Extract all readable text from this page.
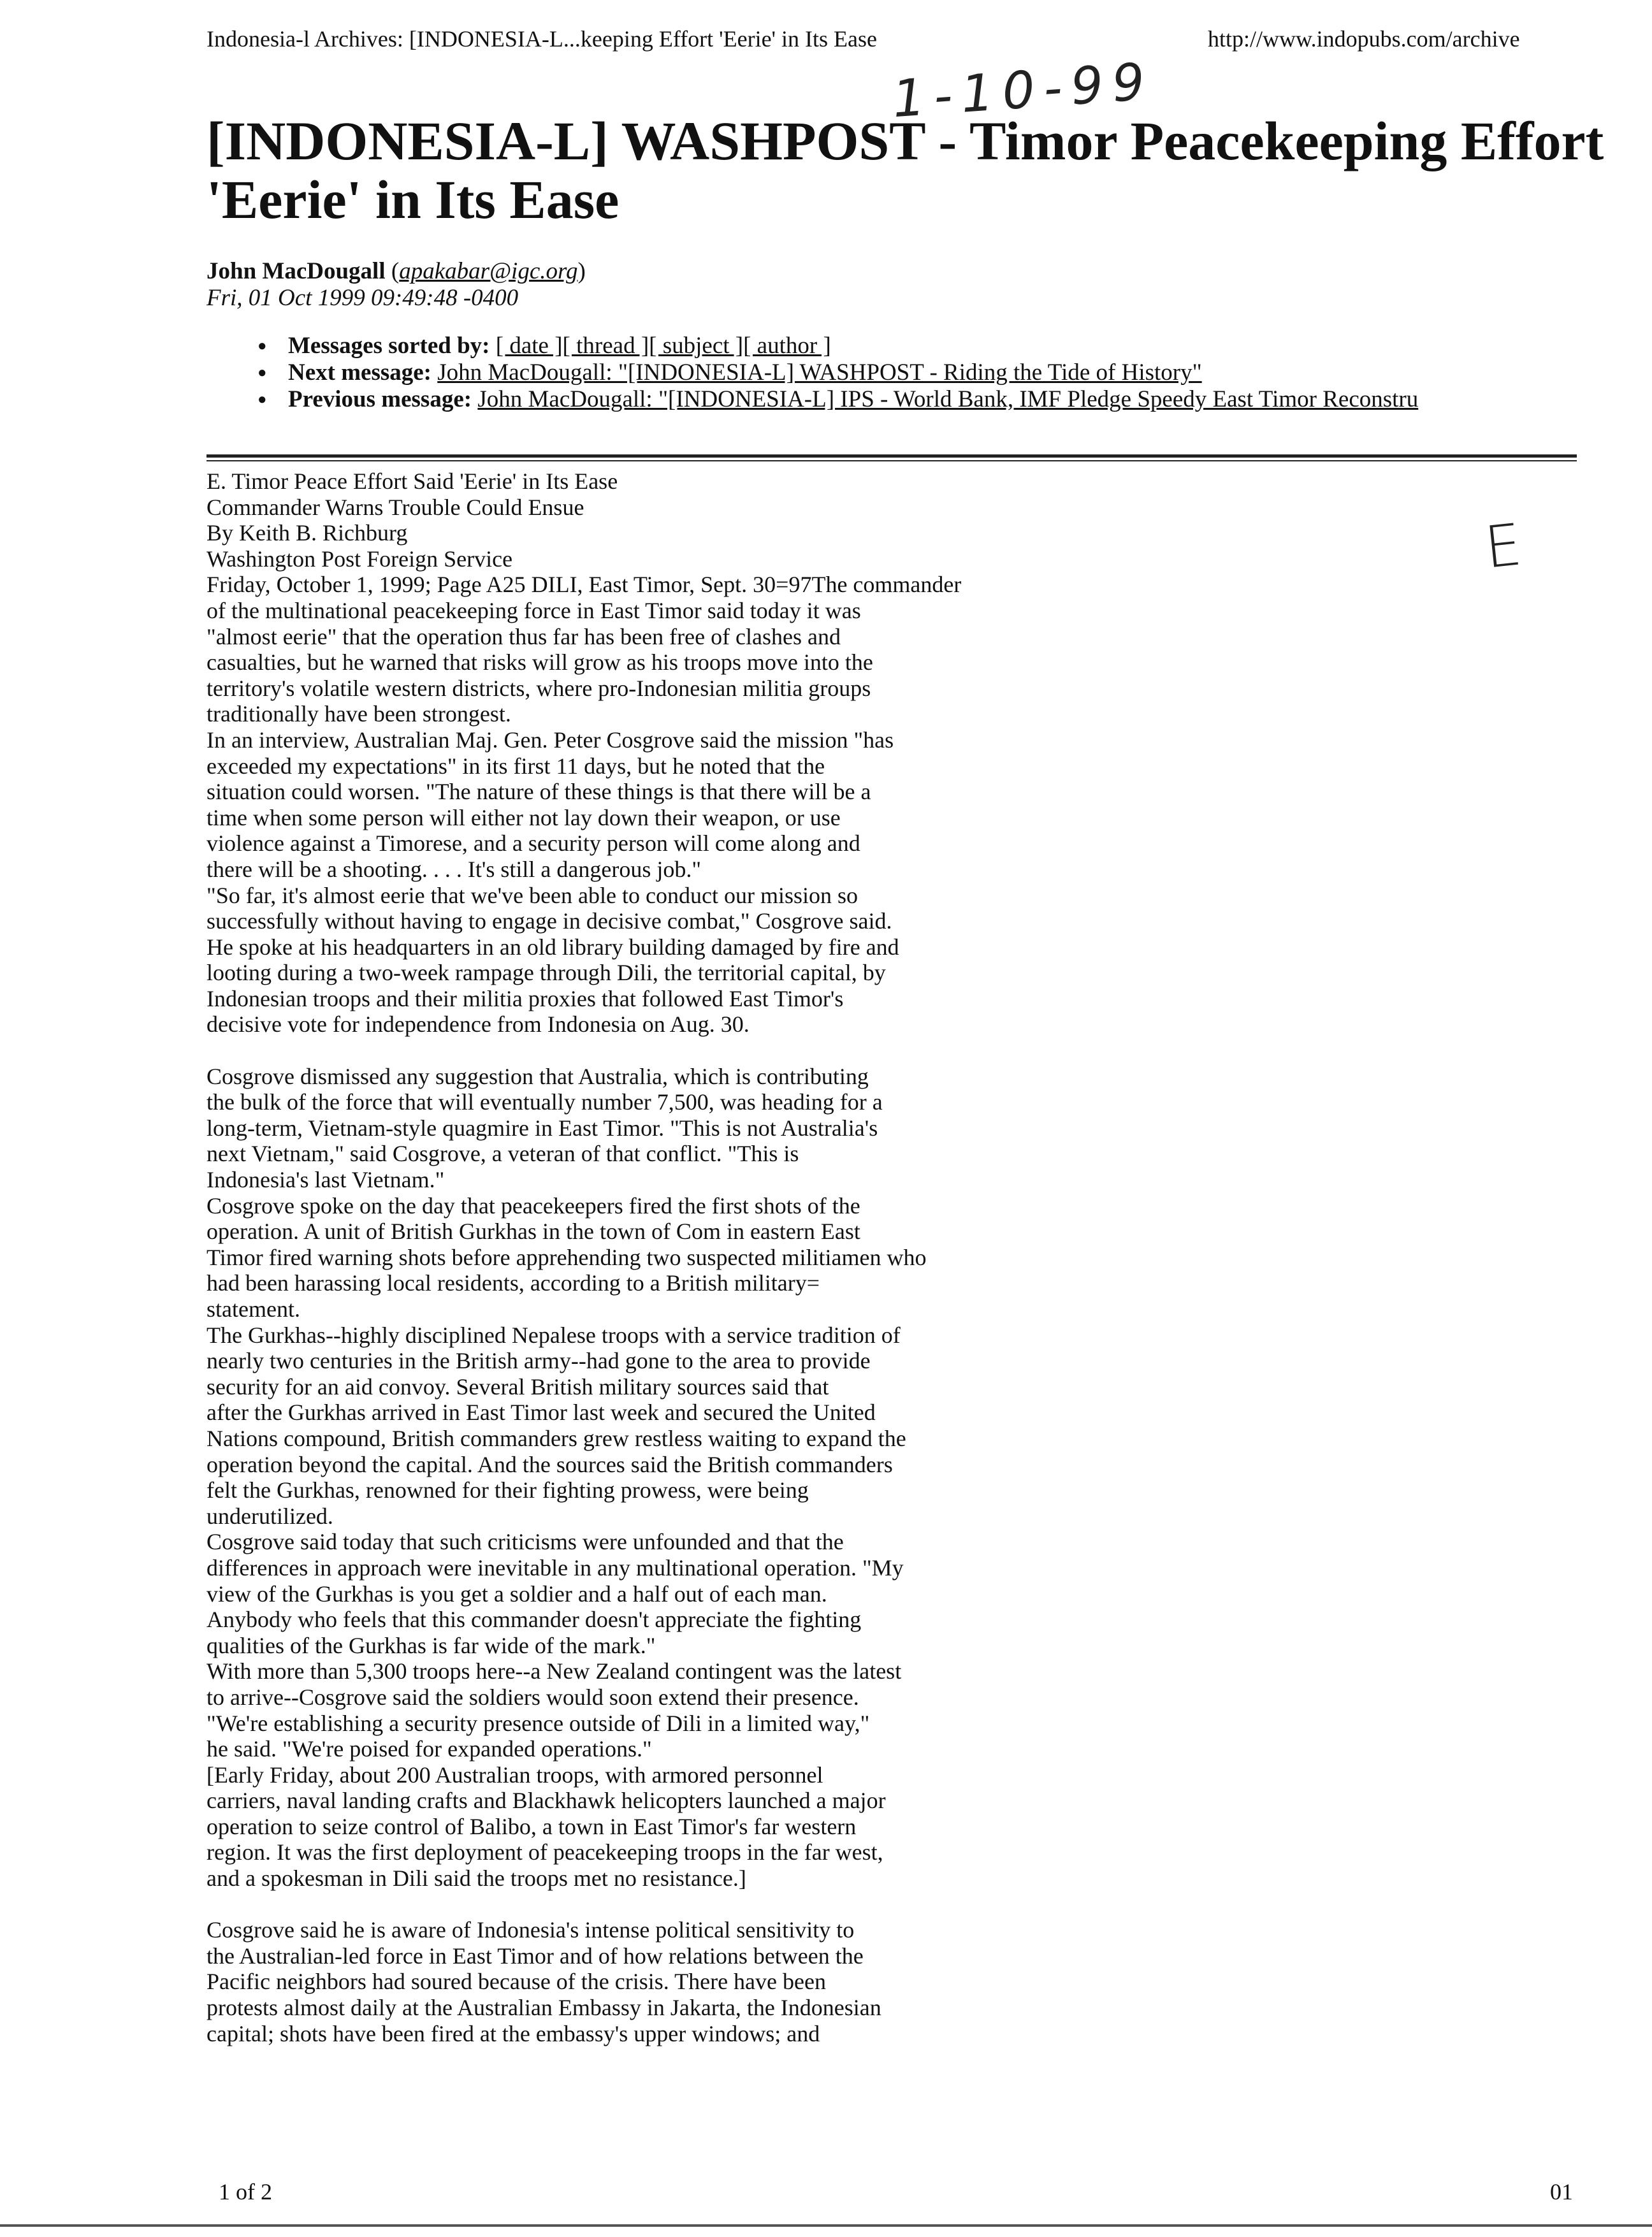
Indonesia-l Archives: [INDONESIA-L...keeping Effort 'Eerie' in Its Ease	http://www.indopubs.com/archive
1-10-99
E
[INDONESIA-L] WASHPOST - Timor Peacekeeping Effort
'Eerie' in Its Ease
John MacDougall (apakabar@igc.org)
Fri, 01 Oct 1999 09:49:48 -0400
● Messages sorted by: [ date ][ thread ][ subject ][ author ]
● Next message: John MacDougall: "[INDONESIA-L] WASHPOST - Riding the Tide of History"
● Previous message: John MacDougall: "[INDONESIA-L] IPS - World Bank, IMF Pledge Speedy East Timor Reconstru

E. Timor Peace Effort Said 'Eerie' in Its Ease
Commander Warns Trouble Could Ensue
By Keith B. Richburg
Washington Post Foreign Service
Friday, October 1, 1999; Page A25 DILI, East Timor, Sept. 30=97The commander
of the multinational peacekeeping force in East Timor said today it was
"almost eerie" that the operation thus far has been free of clashes and
casualties, but he warned that risks will grow as his troops move into the
territory's volatile western districts, where pro-Indonesian militia groups
traditionally have been strongest.
In an interview, Australian Maj. Gen. Peter Cosgrove said the mission "has
exceeded my expectations" in its first 11 days, but he noted that the
situation could worsen. "The nature of these things is that there will be a
time when some person will either not lay down their weapon, or use
violence against a Timorese, and a security person will come along and
there will be a shooting. . . . It's still a dangerous job."
"So far, it's almost eerie that we've been able to conduct our mission so
successfully without having to engage in decisive combat," Cosgrove said.
He spoke at his headquarters in an old library building damaged by fire and
looting during a two-week rampage through Dili, the territorial capital, by
Indonesian troops and their militia proxies that followed East Timor's
decisive vote for independence from Indonesia on Aug. 30.

Cosgrove dismissed any suggestion that Australia, which is contributing
the bulk of the force that will eventually number 7,500, was heading for a
long-term, Vietnam-style quagmire in East Timor. "This is not Australia's
next Vietnam," said Cosgrove, a veteran of that conflict. "This is
Indonesia's last Vietnam."
Cosgrove spoke on the day that peacekeepers fired the first shots of the
operation. A unit of British Gurkhas in the town of Com in eastern East
Timor fired warning shots before apprehending two suspected militiamen who
had been harassing local residents, according to a British military=
statement.
The Gurkhas--highly disciplined Nepalese troops with a service tradition of
nearly two centuries in the British army--had gone to the area to provide
security for an aid convoy. Several British military sources said that
after the Gurkhas arrived in East Timor last week and secured the United
Nations compound, British commanders grew restless waiting to expand the
operation beyond the capital. And the sources said the British commanders
felt the Gurkhas, renowned for their fighting prowess, were being
underutilized.
Cosgrove said today that such criticisms were unfounded and that the
differences in approach were inevitable in any multinational operation. "My
view of the Gurkhas is you get a soldier and a half out of each man.
Anybody who feels that this commander doesn't appreciate the fighting
qualities of the Gurkhas is far wide of the mark."
With more than 5,300 troops here--a New Zealand contingent was the latest
to arrive--Cosgrove said the soldiers would soon extend their presence.
"We're establishing a security presence outside of Dili in a limited way,"
he said. "We're poised for expanded operations."
[Early Friday, about 200 Australian troops, with armored personnel
carriers, naval landing crafts and Blackhawk helicopters launched a major
operation to seize control of Balibo, a town in East Timor's far western
region. It was the first deployment of peacekeeping troops in the far west,
and a spokesman in Dili said the troops met no resistance.]

Cosgrove said he is aware of Indonesia's intense political sensitivity to
the Australian-led force in East Timor and of how relations between the
Pacific neighbors had soured because of the crisis. There have been
protests almost daily at the Australian Embassy in Jakarta, the Indonesian
capital; shots have been fired at the embassy's upper windows; and

1 of 2	01
